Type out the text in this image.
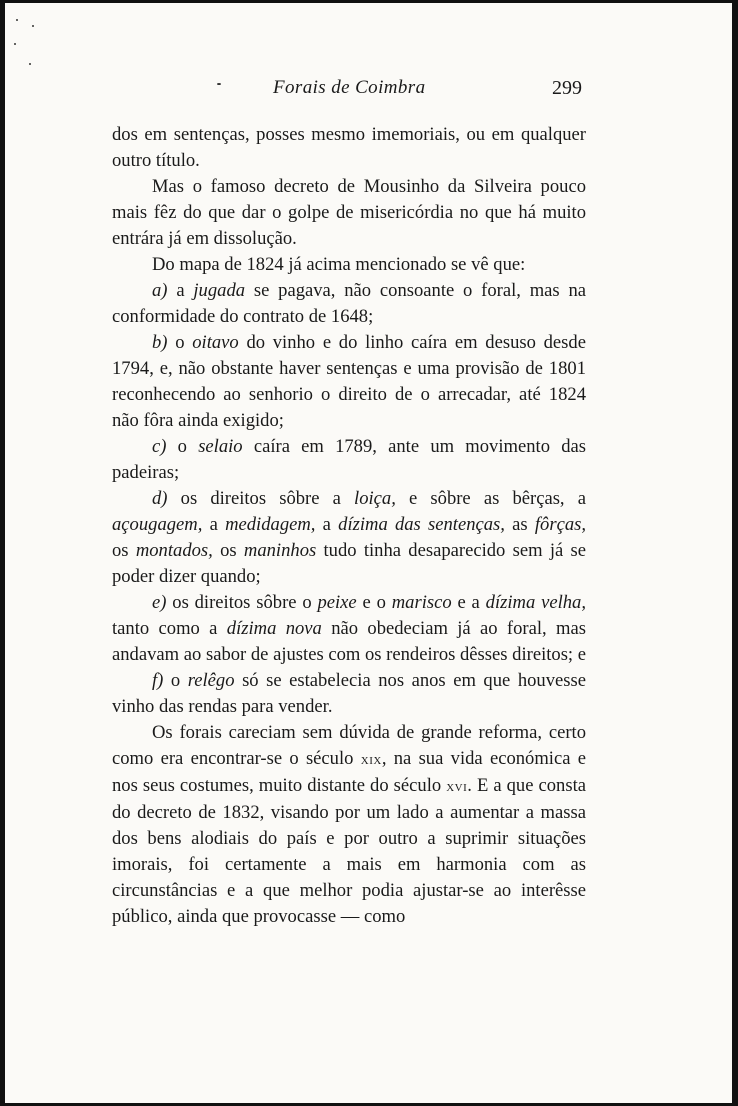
Forais de Coimbra	299

dos em sentenças, posses mesmo imemoriais, ou em qualquer outro título.

Mas o famoso decreto de Mousinho da Silveira pouco mais fêz do que dar o golpe de misericórdia no que há muito entrára já em dissolução.

Do mapa de 1824 já acima mencionado se vê que:

a) a jugada se pagava, não consoante o foral, mas na conformidade do contrato de 1648;

b) o oitavo do vinho e do linho caíra em desuso desde 1794, e, não obstante haver sentenças e uma provisão de 1801 reconhecendo ao senhorio o direito de o arrecadar, até 1824 não fôra ainda exigido;

c) o selaio caíra em 1789, ante um movimento das padeiras;

d) os direitos sôbre a loiça, e sôbre as bêrças, a açougagem, a medidagem, a dízima das sentenças, as fôrças, os montados, os maninhos tudo tinha desaparecido sem já se poder dizer quando;

e) os direitos sôbre o peixe e o marisco e a dízima velha, tanto como a dízima nova não obedeciam já ao foral, mas andavam ao sabor de ajustes com os rendeiros dêsses direitos; e

f) o relêgo só se estabelecia nos anos em que houvesse vinho das rendas para vender.

Os forais careciam sem dúvida de grande reforma, certo como era encontrar-se o século xix, na sua vida económica e nos seus costumes, muito distante do século xvi. E a que consta do decreto de 1832, visando por um lado a aumentar a massa dos bens alodiais do país e por outro a suprimir situações imorais, foi certamente a mais em harmonia com as circunstâncias e a que melhor podia ajustar-se ao interêsse público, ainda que provocasse — como
